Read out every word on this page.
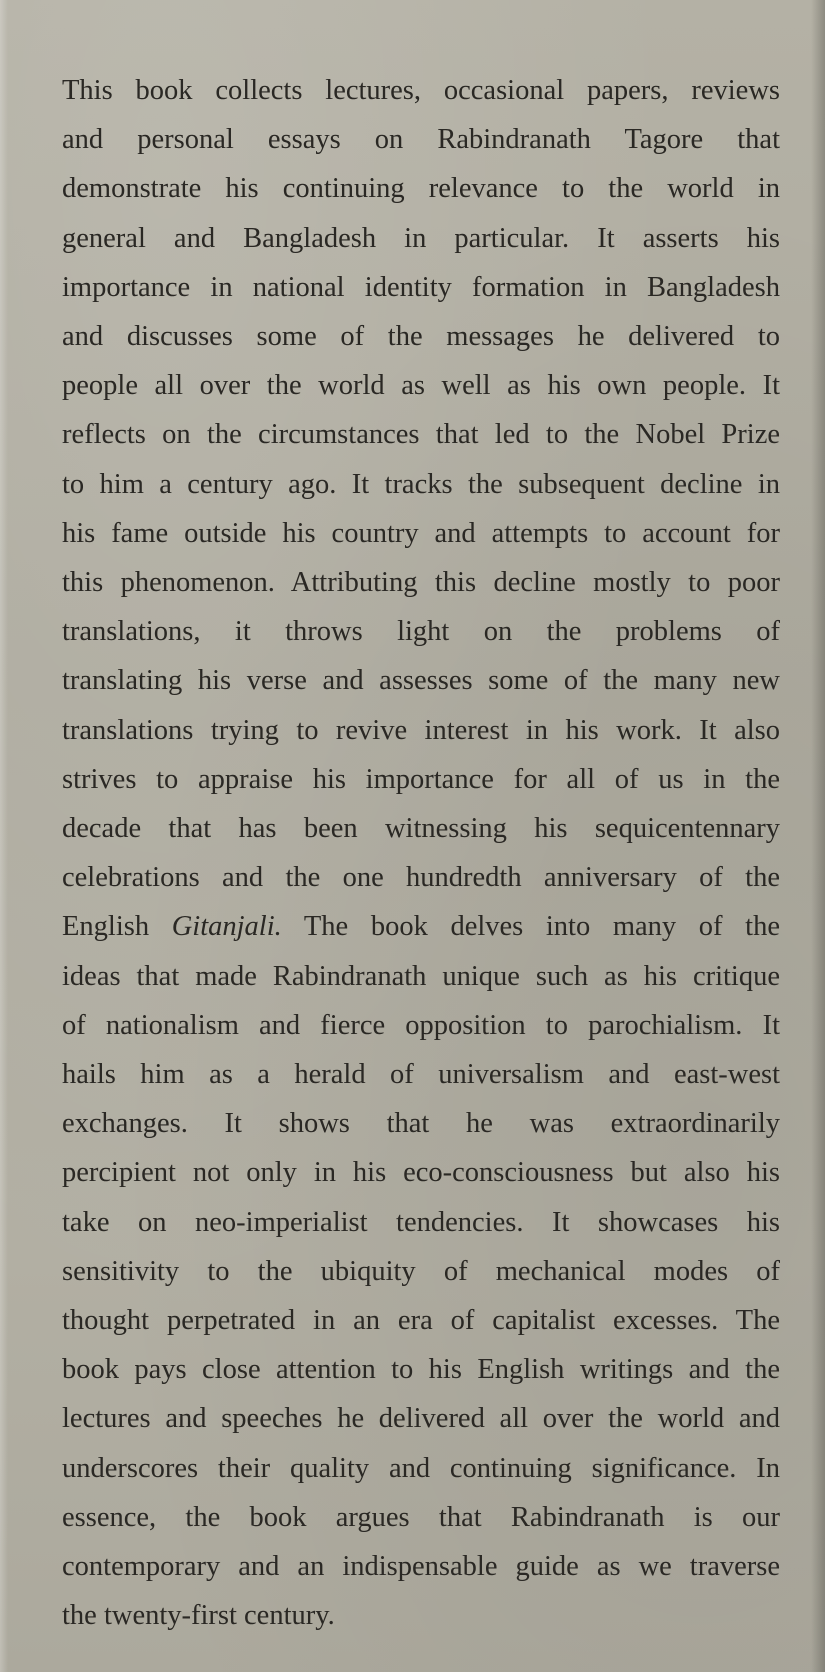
This book collects lectures, occasional papers, reviews
and personal essays on Rabindranath Tagore that
demonstrate his continuing relevance to the world in
general and Bangladesh in particular. It asserts his
importance in national identity formation in Bangladesh
and discusses some of the messages he delivered to
people all over the world as well as his own people. It
reflects on the circumstances that led to the Nobel Prize
to him a century ago. It tracks the subsequent decline in
his fame outside his country and attempts to account for
this phenomenon. Attributing this decline mostly to poor
translations, it throws light on the problems of
translating his verse and assesses some of the many new
translations trying to revive interest in his work. It also
strives to appraise his importance for all of us in the
decade that has been witnessing his sequicentennary
celebrations and the one hundredth anniversary of the
English Gitanjali. The book delves into many of the
ideas that made Rabindranath unique such as his critique
of nationalism and fierce opposition to parochialism. It
hails him as a herald of universalism and east-west
exchanges. It shows that he was extraordinarily
percipient not only in his eco-consciousness but also his
take on neo-imperialist tendencies. It showcases his
sensitivity to the ubiquity of mechanical modes of
thought perpetrated in an era of capitalist excesses. The
book pays close attention to his English writings and the
lectures and speeches he delivered all over the world and
underscores their quality and continuing significance. In
essence, the book argues that Rabindranath is our
contemporary and an indispensable guide as we traverse
the twenty-first century.
